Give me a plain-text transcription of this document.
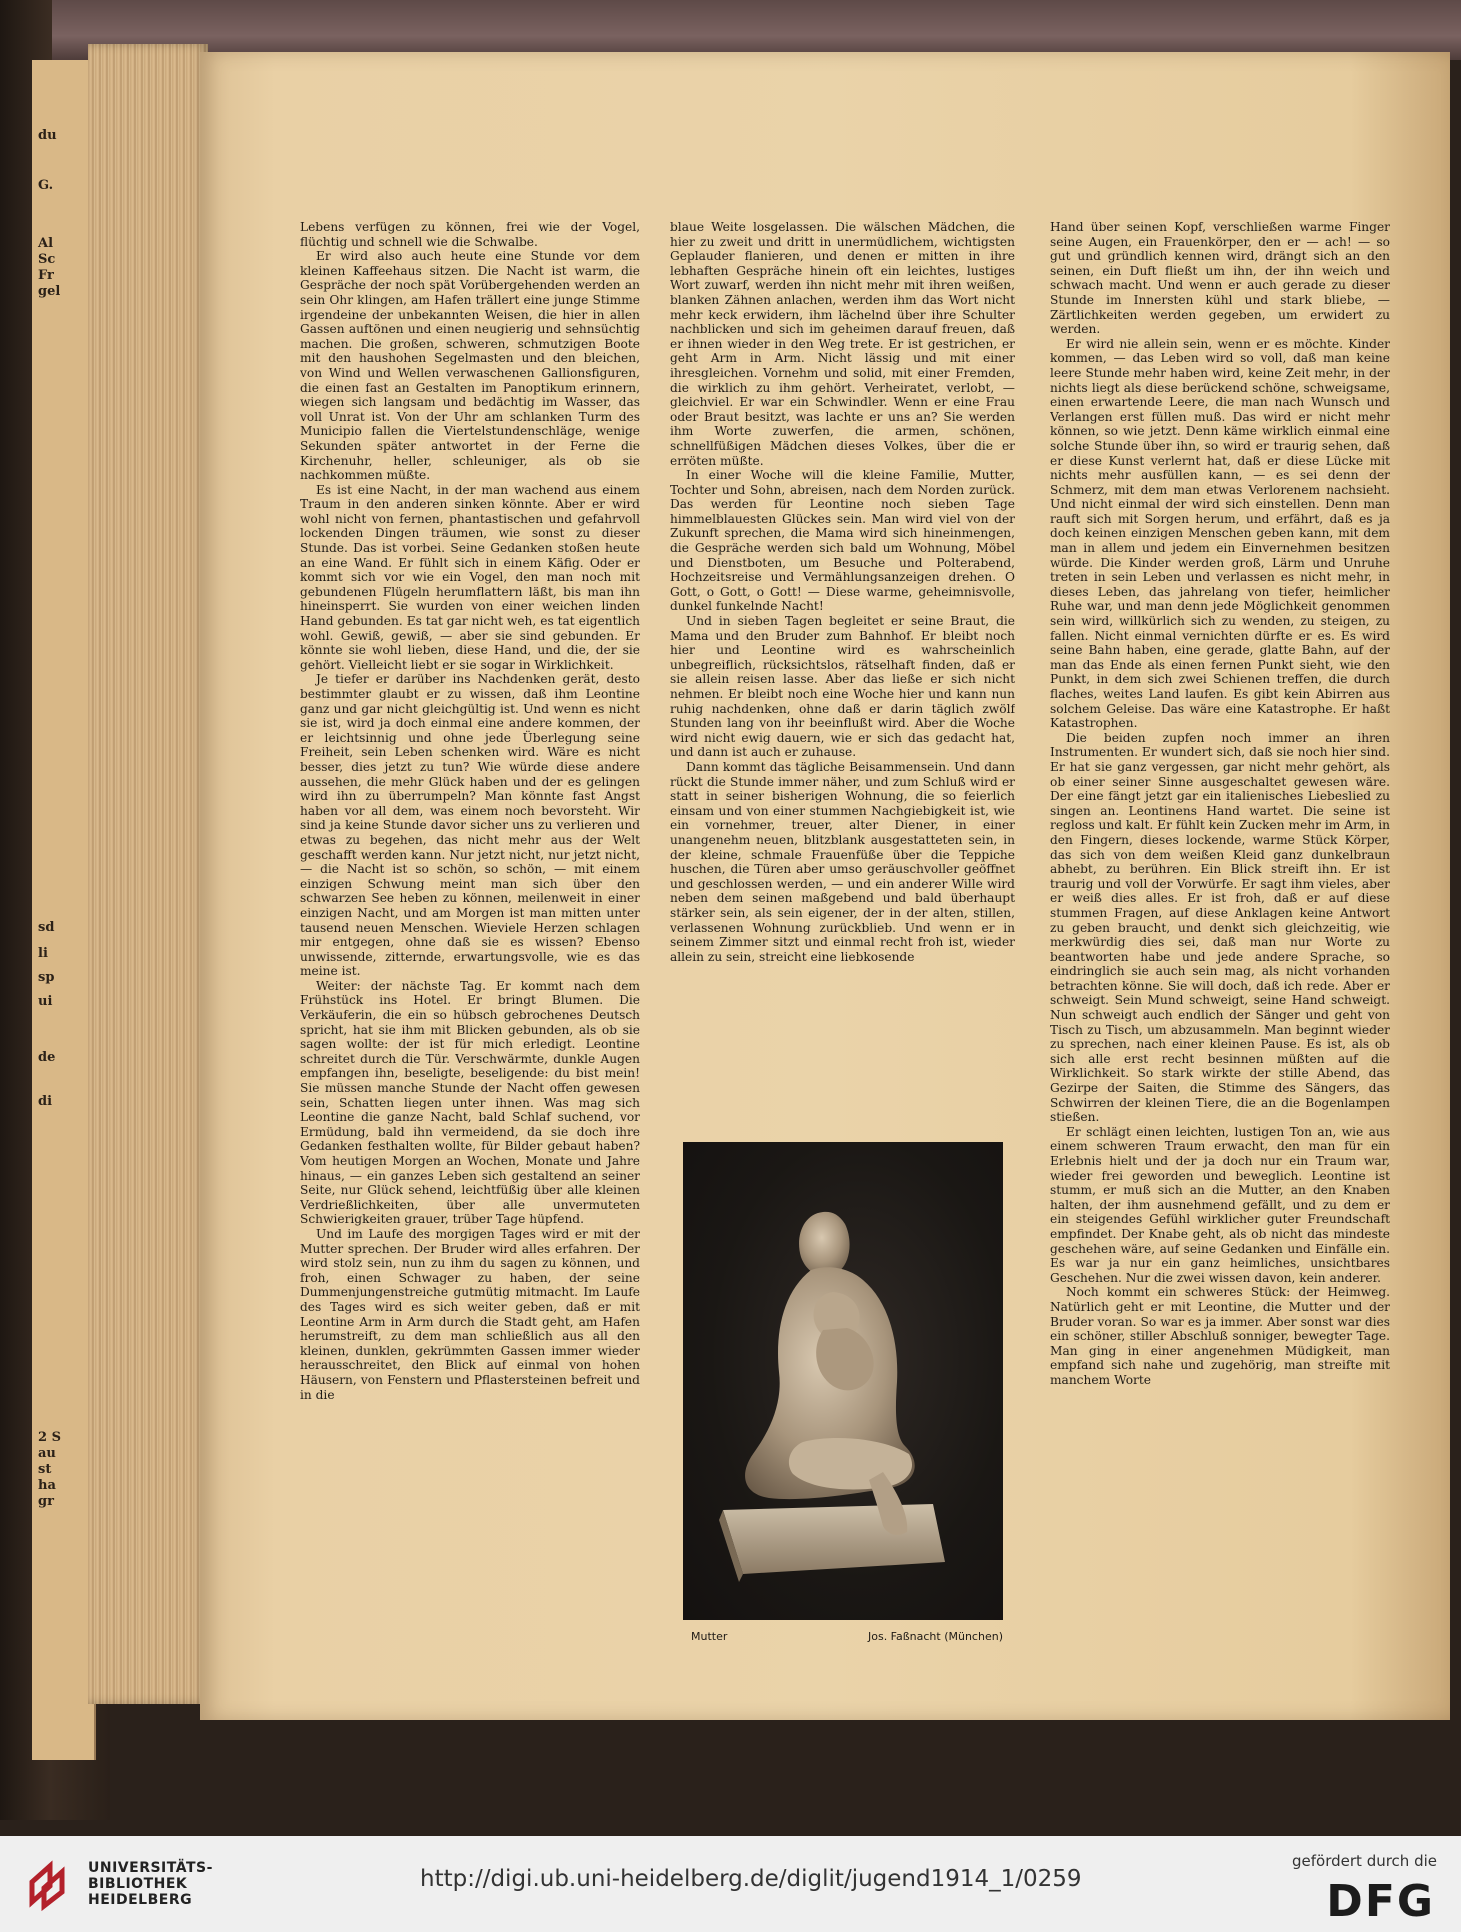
du
G.
Al
Sc
Fr
gel
sd
li
sp
ui
de
di
2 S
au
st
ha
gr

Lebens verfügen zu können, frei wie der Vogel, flüchtig und schnell wie die Schwalbe.

Er wird also auch heute eine Stunde vor dem kleinen Kaffeehaus sitzen. Die Nacht ist warm, die Gespräche der noch spät Vorübergehenden werden an sein Ohr klingen, am Hafen trällert eine junge Stimme irgendeine der unbekannten Weisen, die hier in allen Gassen auftönen und einen neugierig und sehnsüchtig machen. Die großen, schweren, schmutzigen Boote mit den haushohen Segelmasten und den bleichen, von Wind und Wellen verwaschenen Gallionsfiguren, die einen fast an Gestalten im Panoptikum erinnern, wiegen sich langsam und bedächtig im Wasser, das voll Unrat ist. Von der Uhr am schlanken Turm des Municipio fallen die Viertelstundenschläge, wenige Sekunden später antwortet in der Ferne die Kirchenuhr, heller, schleuniger, als ob sie nachkommen müßte.

Es ist eine Nacht, in der man wachend aus einem Traum in den anderen sinken könnte. Aber er wird wohl nicht von fernen, phantastischen und gefahrvoll lockenden Dingen träumen, wie sonst zu dieser Stunde. Das ist vorbei. Seine Gedanken stoßen heute an eine Wand. Er fühlt sich in einem Käfig. Oder er kommt sich vor wie ein Vogel, den man noch mit gebundenen Flügeln herumflattern läßt, bis man ihn hineinsperrt. Sie wurden von einer weichen linden Hand gebunden. Es tat gar nicht weh, es tat eigentlich wohl. Gewiß, gewiß, — aber sie sind gebunden. Er könnte sie wohl lieben, diese Hand, und die, der sie gehört. Vielleicht liebt er sie sogar in Wirklichkeit.

Je tiefer er darüber ins Nachdenken gerät, desto bestimmter glaubt er zu wissen, daß ihm Leontine ganz und gar nicht gleichgültig ist. Und wenn es nicht sie ist, wird ja doch einmal eine andere kommen, der er leichtsinnig und ohne jede Überlegung seine Freiheit, sein Leben schenken wird. Wäre es nicht besser, dies jetzt zu tun? Wie würde diese andere aussehen, die mehr Glück haben und der es gelingen wird ihn zu überrumpeln? Man könnte fast Angst haben vor all dem, was einem noch bevorsteht. Wir sind ja keine Stunde davor sicher uns zu verlieren und etwas zu begehen, das nicht mehr aus der Welt geschafft werden kann. Nur jetzt nicht, nur jetzt nicht, — die Nacht ist so schön, so schön, — mit einem einzigen Schwung meint man sich über den schwarzen See heben zu können, meilenweit in einer einzigen Nacht, und am Morgen ist man mitten unter tausend neuen Menschen. Wieviele Herzen schlagen mir entgegen, ohne daß sie es wissen? Ebenso unwissende, zitternde, erwartungsvolle, wie es das meine ist.

Weiter: der nächste Tag. Er kommt nach dem Frühstück ins Hotel. Er bringt Blumen. Die Verkäuferin, die ein so hübsch gebrochenes Deutsch spricht, hat sie ihm mit Blicken gebunden, als ob sie sagen wollte: der ist für mich erledigt. Leontine schreitet durch die Tür. Verschwärmte, dunkle Augen empfangen ihn, beseligte, beseligende: du bist mein! Sie müssen manche Stunde der Nacht offen gewesen sein, Schatten liegen unter ihnen. Was mag sich Leontine die ganze Nacht, bald Schlaf suchend, vor Ermüdung, bald ihn vermeidend, da sie doch ihre Gedanken festhalten wollte, für Bilder gebaut haben? Vom heutigen Morgen an Wochen, Monate und Jahre hinaus, — ein ganzes Leben sich gestaltend an seiner Seite, nur Glück sehend, leichtfüßig über alle kleinen Verdrießlichkeiten, über alle unvermuteten Schwierigkeiten grauer, trüber Tage hüpfend.

Und im Laufe des morgigen Tages wird er mit der Mutter sprechen. Der Bruder wird alles erfahren. Der wird stolz sein, nun zu ihm du sagen zu können, und froh, einen Schwager zu haben, der seine Dummenjungenstreiche gutmütig mitmacht. Im Laufe des Tages wird es sich weiter geben, daß er mit Leontine Arm in Arm durch die Stadt geht, am Hafen herumstreift, zu dem man schließlich aus all den kleinen, dunklen, gekrümmten Gassen immer wieder herausschreitet, den Blick auf einmal von hohen Häusern, von Fenstern und Pflastersteinen befreit und in die

blaue Weite losgelassen. Die wälschen Mädchen, die hier zu zweit und dritt in unermüdlichem, wichtigsten Geplauder flanieren, und denen er mitten in ihre lebhaften Gespräche hinein oft ein leichtes, lustiges Wort zuwarf, werden ihn nicht mehr mit ihren weißen, blanken Zähnen anlachen, werden ihm das Wort nicht mehr keck erwidern, ihm lächelnd über ihre Schulter nachblicken und sich im geheimen darauf freuen, daß er ihnen wieder in den Weg trete. Er ist gestrichen, er geht Arm in Arm. Nicht lässig und mit einer ihresgleichen. Vornehm und solid, mit einer Fremden, die wirklich zu ihm gehört. Verheiratet, verlobt, — gleichviel. Er war ein Schwindler. Wenn er eine Frau oder Braut besitzt, was lachte er uns an? Sie werden ihm Worte zuwerfen, die armen, schönen, schnellfüßigen Mädchen dieses Volkes, über die er erröten müßte.

In einer Woche will die kleine Familie, Mutter, Tochter und Sohn, abreisen, nach dem Norden zurück. Das werden für Leontine noch sieben Tage himmelblauesten Glückes sein. Man wird viel von der Zukunft sprechen, die Mama wird sich hineinmengen, die Gespräche werden sich bald um Wohnung, Möbel und Dienstboten, um Besuche und Polterabend, Hochzeitsreise und Vermählungsanzeigen drehen. O Gott, o Gott, o Gott! — Diese warme, geheimnisvolle, dunkel funkelnde Nacht!

Und in sieben Tagen begleitet er seine Braut, die Mama und den Bruder zum Bahnhof. Er bleibt noch hier und Leontine wird es wahrscheinlich unbegreiflich, rücksichtslos, rätselhaft finden, daß er sie allein reisen lasse. Aber das ließe er sich nicht nehmen. Er bleibt noch eine Woche hier und kann nun ruhig nachdenken, ohne daß er darin täglich zwölf Stunden lang von ihr beeinflußt wird. Aber die Woche wird nicht ewig dauern, wie er sich das gedacht hat, und dann ist auch er zuhause.

Dann kommt das tägliche Beisammensein. Und dann rückt die Stunde immer näher, und zum Schluß wird er statt in seiner bisherigen Wohnung, die so feierlich einsam und von einer stummen Nachgiebigkeit ist, wie ein vornehmer, treuer, alter Diener, in einer unangenehm neuen, blitzblank ausgestatteten sein, in der kleine, schmale Frauenfüße über die Teppiche huschen, die Türen aber umso geräuschvoller geöffnet und geschlossen werden, — und ein anderer Wille wird neben dem seinen maßgebend und bald überhaupt stärker sein, als sein eigener, der in der alten, stillen, verlassenen Wohnung zurückblieb. Und wenn er in seinem Zimmer sitzt und einmal recht froh ist, wieder allein zu sein, streicht eine liebkosende

Hand über seinen Kopf, verschließen warme Finger seine Augen, ein Frauenkörper, den er — ach! — so gut und gründlich kennen wird, drängt sich an den seinen, ein Duft fließt um ihn, der ihn weich und schwach macht. Und wenn er auch gerade zu dieser Stunde im Innersten kühl und stark bliebe, — Zärtlichkeiten werden gegeben, um erwidert zu werden.

Er wird nie allein sein, wenn er es möchte. Kinder kommen, — das Leben wird so voll, daß man keine leere Stunde mehr haben wird, keine Zeit mehr, in der nichts liegt als diese berückend schöne, schweigsame, einen erwartende Leere, die man nach Wunsch und Verlangen erst füllen muß. Das wird er nicht mehr können, so wie jetzt. Denn käme wirklich einmal eine solche Stunde über ihn, so wird er traurig sehen, daß er diese Kunst verlernt hat, daß er diese Lücke mit nichts mehr ausfüllen kann, — es sei denn der Schmerz, mit dem man etwas Verlorenem nachsieht. Und nicht einmal der wird sich einstellen. Denn man rauft sich mit Sorgen herum, und erfährt, daß es ja doch keinen einzigen Menschen geben kann, mit dem man in allem und jedem ein Einvernehmen besitzen würde. Die Kinder werden groß, Lärm und Unruhe treten in sein Leben und verlassen es nicht mehr, in dieses Leben, das jahrelang von tiefer, heimlicher Ruhe war, und man denn jede Möglichkeit genommen sein wird, willkürlich sich zu wenden, zu steigen, zu fallen. Nicht einmal vernichten dürfte er es. Es wird seine Bahn haben, eine gerade, glatte Bahn, auf der man das Ende als einen fernen Punkt sieht, wie den Punkt, in dem sich zwei Schienen treffen, die durch flaches, weites Land laufen. Es gibt kein Abirren aus solchem Geleise. Das wäre eine Katastrophe. Er haßt Katastrophen.

Die beiden zupfen noch immer an ihren Instrumenten. Er wundert sich, daß sie noch hier sind. Er hat sie ganz vergessen, gar nicht mehr gehört, als ob einer seiner Sinne ausgeschaltet gewesen wäre. Der eine fängt jetzt gar ein italienisches Liebeslied zu singen an. Leontinens Hand wartet. Die seine ist regloss und kalt. Er fühlt kein Zucken mehr im Arm, in den Fingern, dieses lockende, warme Stück Körper, das sich von dem weißen Kleid ganz dunkelbraun abhebt, zu berühren. Ein Blick streift ihn. Er ist traurig und voll der Vorwürfe. Er sagt ihm vieles, aber er weiß dies alles. Er ist froh, daß er auf diese stummen Fragen, auf diese Anklagen keine Antwort zu geben braucht, und denkt sich gleichzeitig, wie merkwürdig dies sei, daß man nur Worte zu beantworten habe und jede andere Sprache, so eindringlich sie auch sein mag, als nicht vorhanden betrachten könne. Sie will doch, daß ich rede. Aber er schweigt. Sein Mund schweigt, seine Hand schweigt. Nun schweigt auch endlich der Sänger und geht von Tisch zu Tisch, um abzusammeln. Man beginnt wieder zu sprechen, nach einer kleinen Pause. Es ist, als ob sich alle erst recht besinnen müßten auf die Wirklichkeit. So stark wirkte der stille Abend, das Gezirpe der Saiten, die Stimme des Sängers, das Schwirren der kleinen Tiere, die an die Bogenlampen stießen.

Er schlägt einen leichten, lustigen Ton an, wie aus einem schweren Traum erwacht, den man für ein Erlebnis hielt und der ja doch nur ein Traum war, wieder frei geworden und beweglich. Leontine ist stumm, er muß sich an die Mutter, an den Knaben halten, der ihm ausnehmend gefällt, und zu dem er ein steigendes Gefühl wirklicher guter Freundschaft empfindet. Der Knabe geht, als ob nicht das mindeste geschehen wäre, auf seine Gedanken und Einfälle ein. Es war ja nur ein ganz heimliches, unsichtbares Geschehen. Nur die zwei wissen davon, kein anderer.

Noch kommt ein schweres Stück: der Heimweg. Natürlich geht er mit Leontine, die Mutter und der Bruder voran. So war es ja immer. Aber sonst war dies ein schöner, stiller Abschluß sonniger, bewegter Tage. Man ging in einer angenehmen Müdigkeit, man empfand sich nahe und zugehörig, man streifte mit manchem Worte

Mutter	Jos. Faßnacht (München)
UNIVERSITÄTS-
BIBLIOTHEK
HEIDELBERG
http://digi.ub.uni-heidelberg.de/diglit/jugend1914_1/0259
gefördert durch die
DFG
